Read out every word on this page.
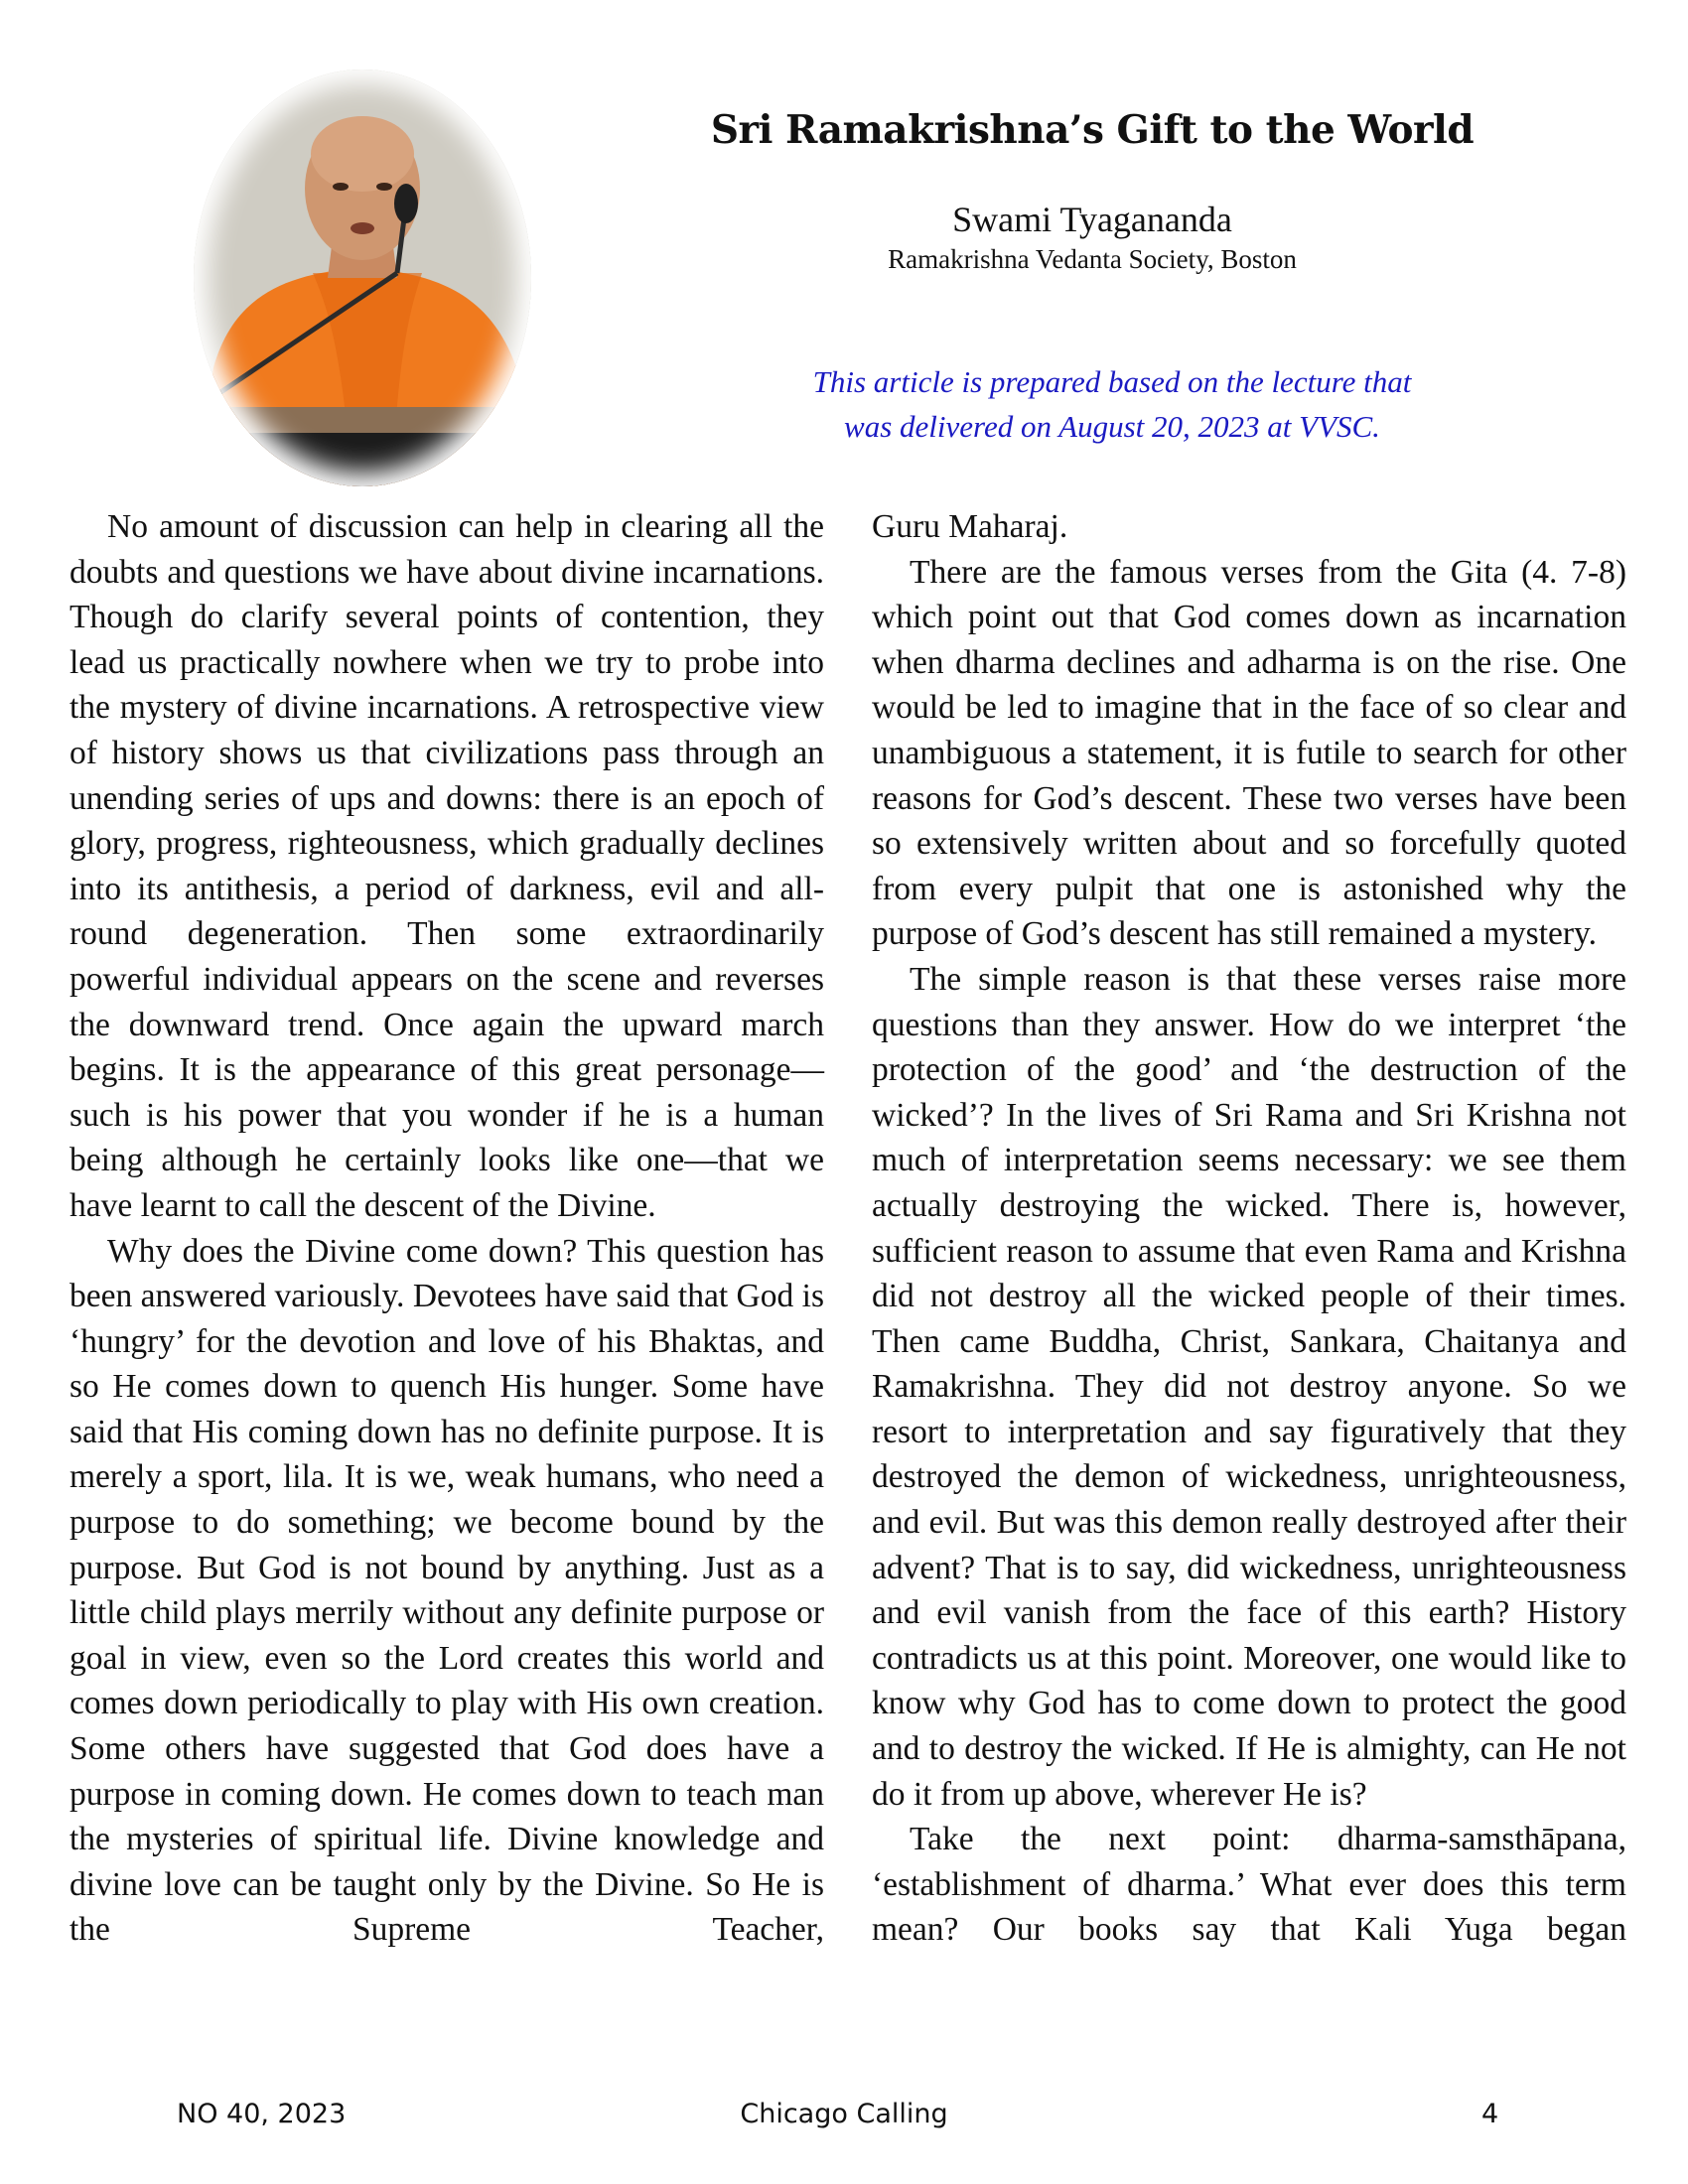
Sri Ramakrishna’s Gift to the World
Swami Tyagananda
Ramakrishna Vedanta Society, Boston
This article is prepared based on the lecture that
was delivered on August 20, 2023 at VVSC.

No amount of discussion can help in clearing all the doubts and questions we have about divine incarnations. Though do clarify several points of contention, they lead us practically nowhere when we try to probe into the mystery of divine incarnations. A retrospective view of history shows us that civilizations pass through an unending series of ups and downs: there is an epoch of glory, progress, righteousness, which gradually declines into its antithesis, a period of darkness, evil and all-round degeneration. Then some extraordinarily powerful individual appears on the scene and reverses the downward trend. Once again the upward march begins. It is the appearance of this great personage—such is his power that you wonder if he is a human being although he certainly looks like one—that we have learnt to call the descent of the Divine.

Why does the Divine come down? This question has been answered variously. Devotees have said that God is ‘hungry’ for the devotion and love of his Bhaktas, and so He comes down to quench His hunger. Some have said that His coming down has no definite purpose. It is merely a sport, lila. It is we, weak humans, who need a purpose to do something; we become bound by the purpose. But God is not bound by anything. Just as a little child plays merrily without any definite purpose or goal in view, even so the Lord creates this world and comes down periodically to play with His own creation. Some others have suggested that God does have a purpose in coming down. He comes down to teach man the mysteries of spiritual life. Divine knowledge and divine love can be taught only by the Divine. So He is the Supreme Teacher,

Guru Maharaj.

There are the famous verses from the Gita (4. 7-8) which point out that God comes down as incarnation when dharma declines and adharma is on the rise. One would be led to imagine that in the face of so clear and unambiguous a statement, it is futile to search for other reasons for God’s descent. These two verses have been so extensively written about and so forcefully quoted from every pulpit that one is astonished why the purpose of God’s descent has still remained a mystery.

The simple reason is that these verses raise more questions than they answer. How do we interpret ‘the protection of the good’ and ‘the destruction of the wicked’? In the lives of Sri Rama and Sri Krishna not much of interpretation seems necessary: we see them actually destroying the wicked. There is, however, sufficient reason to assume that even Rama and Krishna did not destroy all the wicked people of their times. Then came Buddha, Christ, Sankara, Chaitanya and Ramakrishna. They did not destroy anyone. So we resort to interpretation and say figuratively that they destroyed the demon of wickedness, unrighteousness, and evil. But was this demon really destroyed after their advent? That is to say, did wickedness, unrighteousness and evil vanish from the face of this earth? History contradicts us at this point. Moreover, one would like to know why God has to come down to protect the good and to destroy the wicked. If He is almighty, can He not do it from up above, wherever He is?

Take the next point: dharma-samsthāpana, ‘establishment of dharma.’ What ever does this term mean? Our books say that Kali Yuga began

NO 40, 2023	Chicago Calling	4
